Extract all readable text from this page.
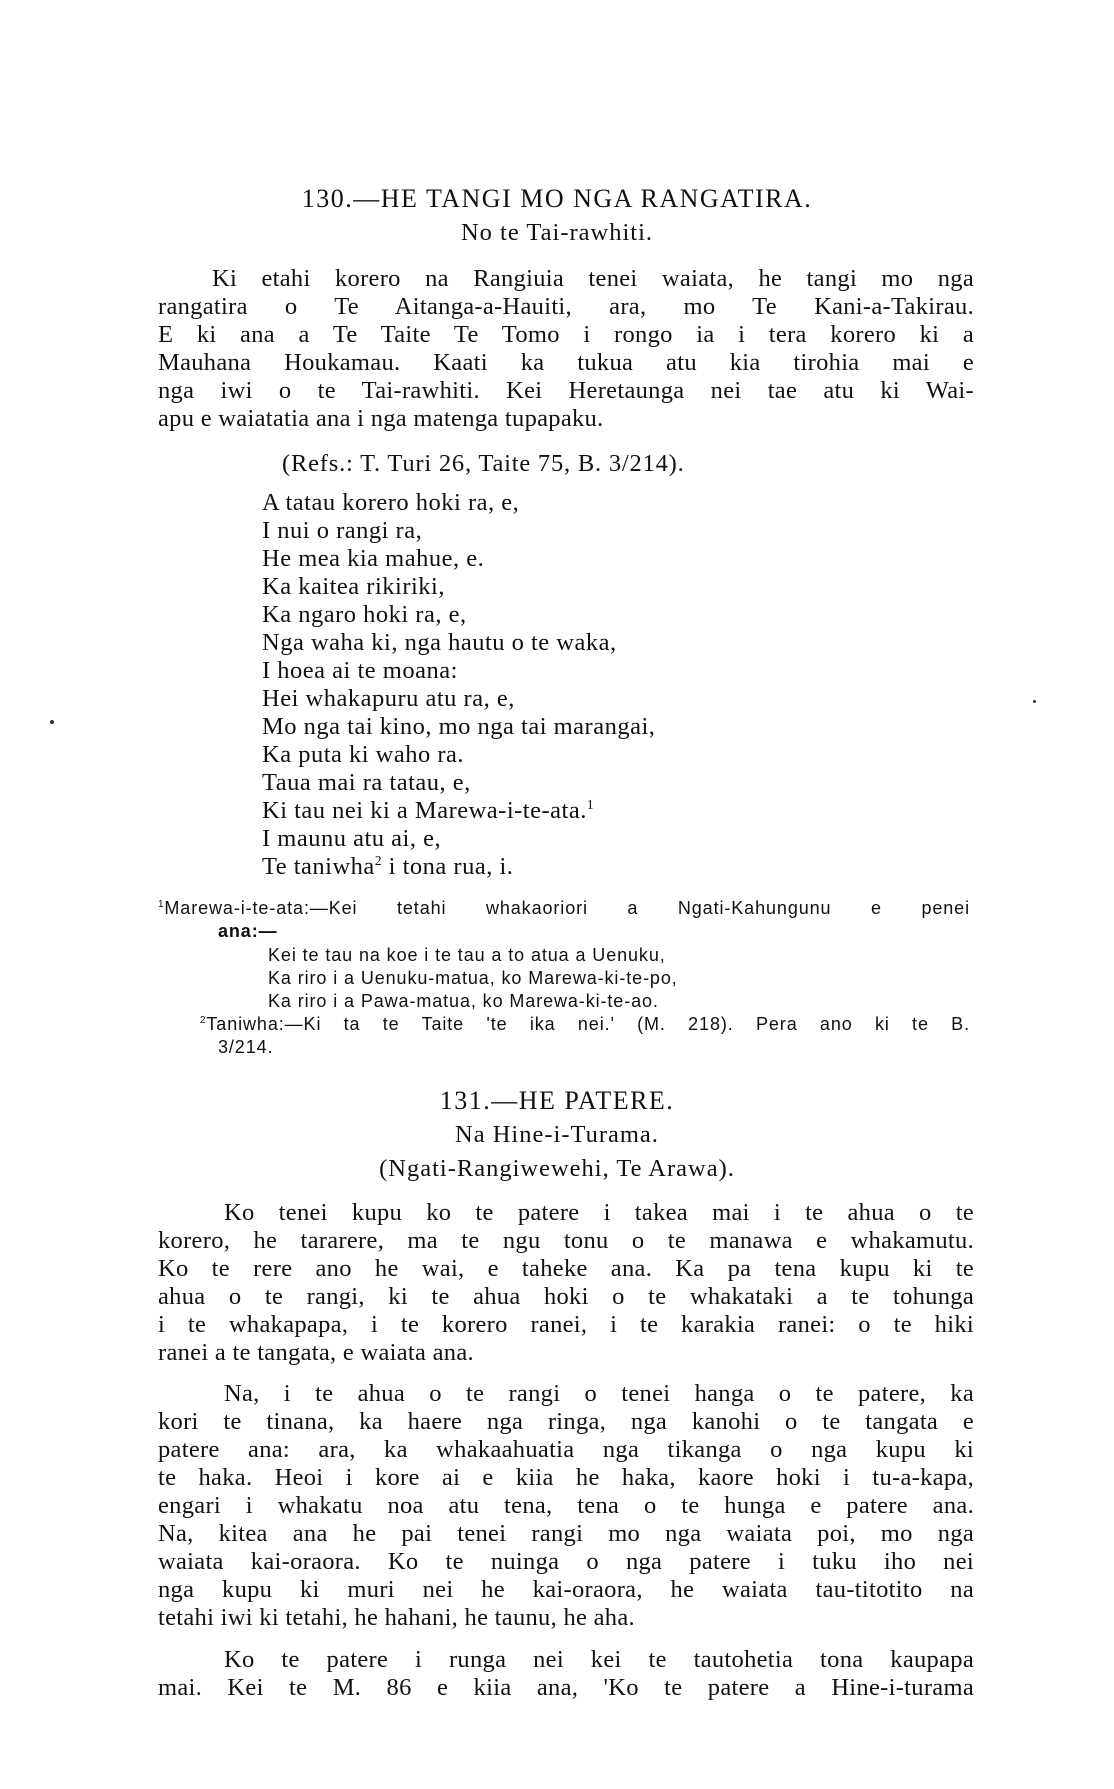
130.—HE TANGI MO NGA RANGATIRA.
No te Tai-rawhiti.
Ki etahi korero na Rangiuia tenei waiata, he tangi mo nga
rangatira o Te Aitanga-a-Hauiti, ara, mo Te Kani-a-Takirau.
E ki ana a Te Taite Te Tomo i rongo ia i tera korero ki a
Mauhana Houkamau. Kaati ka tukua atu kia tirohia mai e
nga iwi o te Tai-rawhiti. Kei Heretaunga nei tae atu ki Wai-
apu e waiatatia ana i nga matenga tupapaku.
(Refs.: T. Turi 26, Taite 75, B. 3/214).
A tatau korero hoki ra, e,
I nui o rangi ra,
He mea kia mahue, e.
Ka kaitea rikiriki,
Ka ngaro hoki ra, e,
Nga waha ki, nga hautu o te waka,
I hoea ai te moana:
Hei whakapuru atu ra, e,
Mo nga tai kino, mo nga tai marangai,
Ka puta ki waho ra.
Taua mai ra tatau, e,
Ki tau nei ki a Marewa-i-te-ata.$^1$
I maunu atu ai, e,
Te taniwha$^2$ i tona rua, i.
$^1$Marewa-i-te-ata:—Kei tetahi whakaoriori a Ngati-Kahungunu e penei
ana:—
Kei te tau na koe i te tau a to atua a Uenuku,
Ka riro i a Uenuku-matua, ko Marewa-ki-te-po,
Ka riro i a Pawa-matua, ko Marewa-ki-te-ao.
$^2$Taniwha:—Ki ta te Taite 'te ika nei.' (M. 218). Pera ano ki te B.
3/214.
131.—HE PATERE.
Na Hine-i-Turama.
(Ngati-Rangiwewehi, Te Arawa).
Ko tenei kupu ko te patere i takea mai i te ahua o te
korero, he tararere, ma te ngu tonu o te manawa e whakamutu.
Ko te rere ano he wai, e taheke ana. Ka pa tena kupu ki te
ahua o te rangi, ki te ahua hoki o te whakataki a te tohunga
i te whakapapa, i te korero ranei, i te karakia ranei: o te hiki
ranei a te tangata, e waiata ana.
Na, i te ahua o te rangi o tenei hanga o te patere, ka
kori te tinana, ka haere nga ringa, nga kanohi o te tangata e
patere ana: ara, ka whakaahuatia nga tikanga o nga kupu ki
te haka. Heoi i kore ai e kiia he haka, kaore hoki i tu-a-kapa,
engari i whakatu noa atu tena, tena o te hunga e patere ana.
Na, kitea ana he pai tenei rangi mo nga waiata poi, mo nga
waiata kai-oraora. Ko te nuinga o nga patere i tuku iho nei
nga kupu ki muri nei he kai-oraora, he waiata tau-titotito na
tetahi iwi ki tetahi, he hahani, he taunu, he aha.
Ko te patere i runga nei kei te tautohetia tona kaupapa
mai. Kei te M. 86 e kiia ana, 'Ko te patere a Hine-i-turama
